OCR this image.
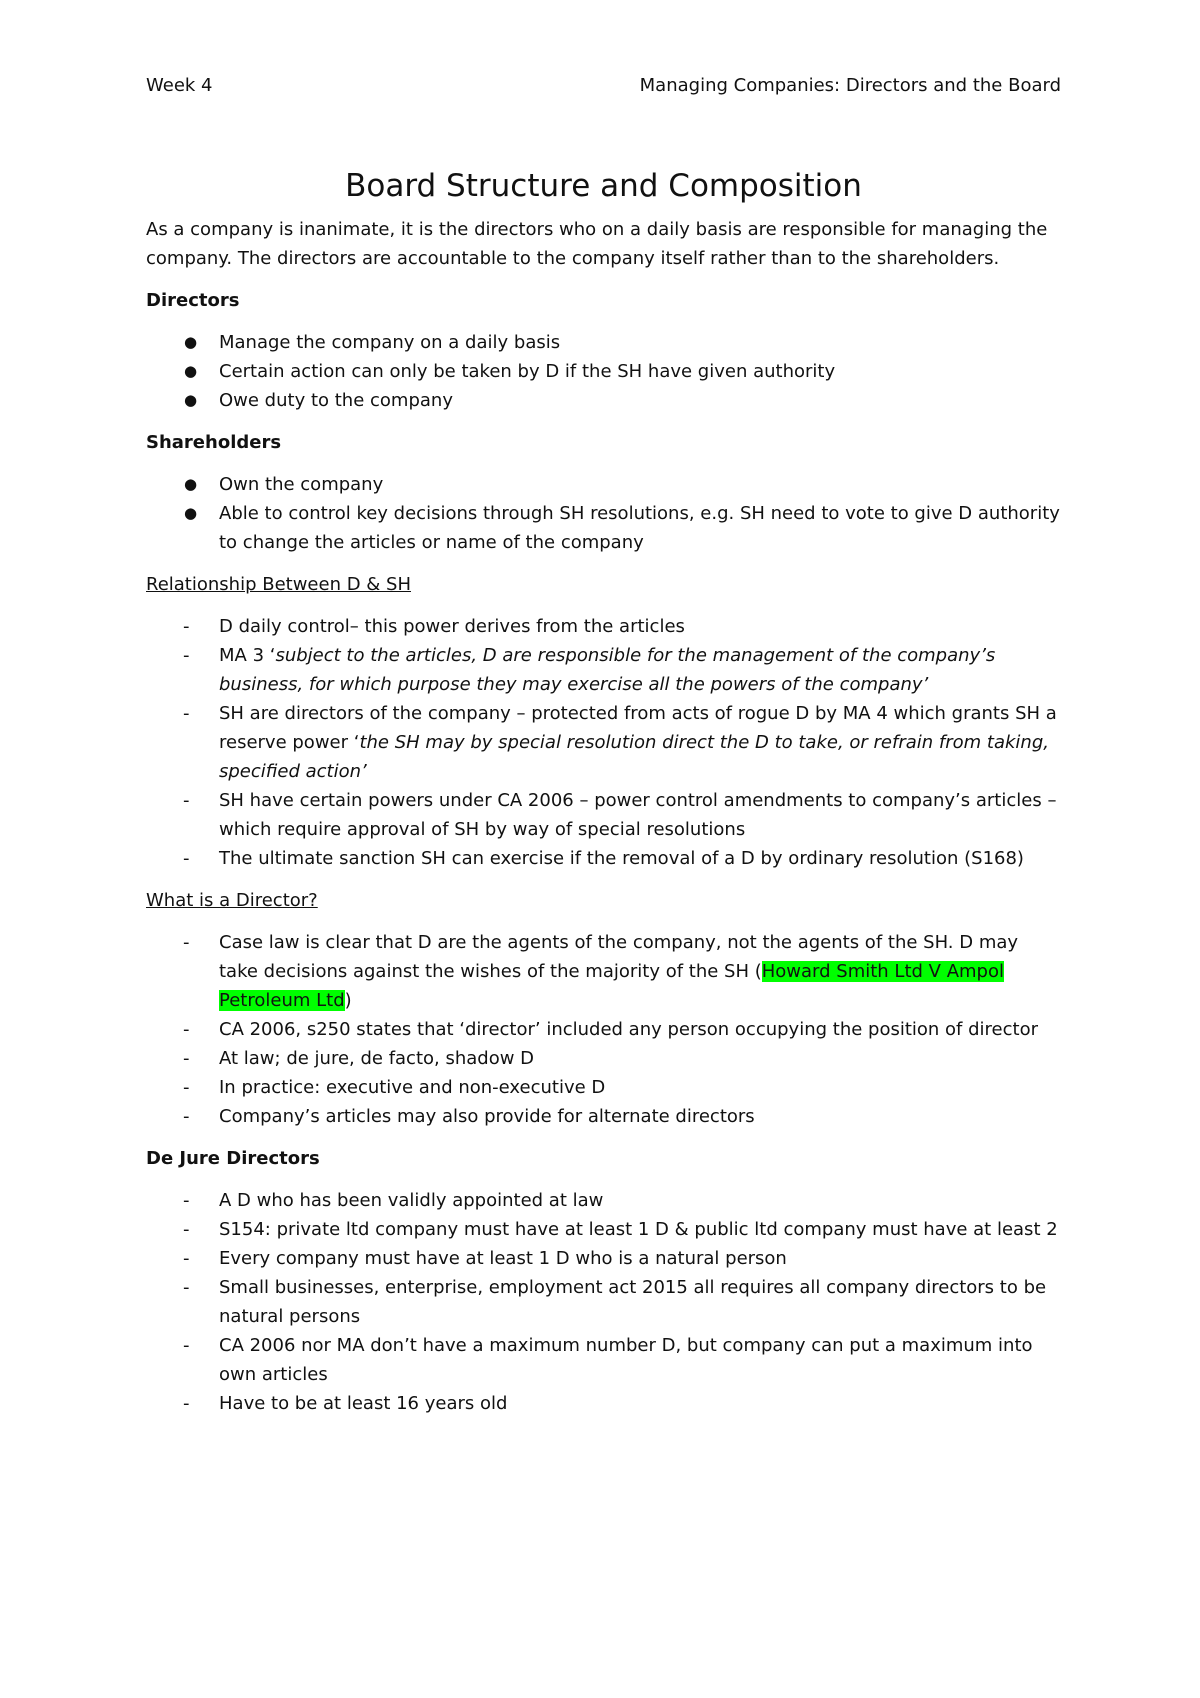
Week 4	Managing Companies: Directors and the Board
Board Structure and Composition

As a company is inanimate, it is the directors who on a daily basis are responsible for managing the company. The directors are accountable to the company itself rather than to the shareholders.

Directors

●	Manage the company on a daily basis
●	Certain action can only be taken by D if the SH have given authority
●	Owe duty to the company

Shareholders

●	Own the company
●	Able to control key decisions through SH resolutions, e.g. SH need to vote to give D authority to change the articles or name of the company

Relationship Between D & SH

-	D daily control– this power derives from the articles
-	MA 3 ‘subject to the articles, D are responsible for the management of the company’s business, for which purpose they may exercise all the powers of the company’
-	SH are directors of the company – protected from acts of rogue D by MA 4 which grants SH a reserve power ‘the SH may by special resolution direct the D to take, or refrain from taking, specified action’
-	SH have certain powers under CA 2006 – power control amendments to company’s articles – which require approval of SH by way of special resolutions
-	The ultimate sanction SH can exercise if the removal of a D by ordinary resolution (S168)

What is a Director?

-	Case law is clear that D are the agents of the company, not the agents of the SH. D may take decisions against the wishes of the majority of the SH (Howard Smith Ltd V Ampol Petroleum Ltd)
-	CA 2006, s250 states that ‘director’ included any person occupying the position of director
-	At law; de jure, de facto, shadow D
-	In practice: executive and non-executive D
-	Company’s articles may also provide for alternate directors

De Jure Directors

-	A D who has been validly appointed at law
-	S154: private ltd company must have at least 1 D & public ltd company must have at least 2
-	Every company must have at least 1 D who is a natural person
-	Small businesses, enterprise, employment act 2015 all requires all company directors to be natural persons
-	CA 2006 nor MA don’t have a maximum number D, but company can put a maximum into own articles
-	Have to be at least 16 years old
